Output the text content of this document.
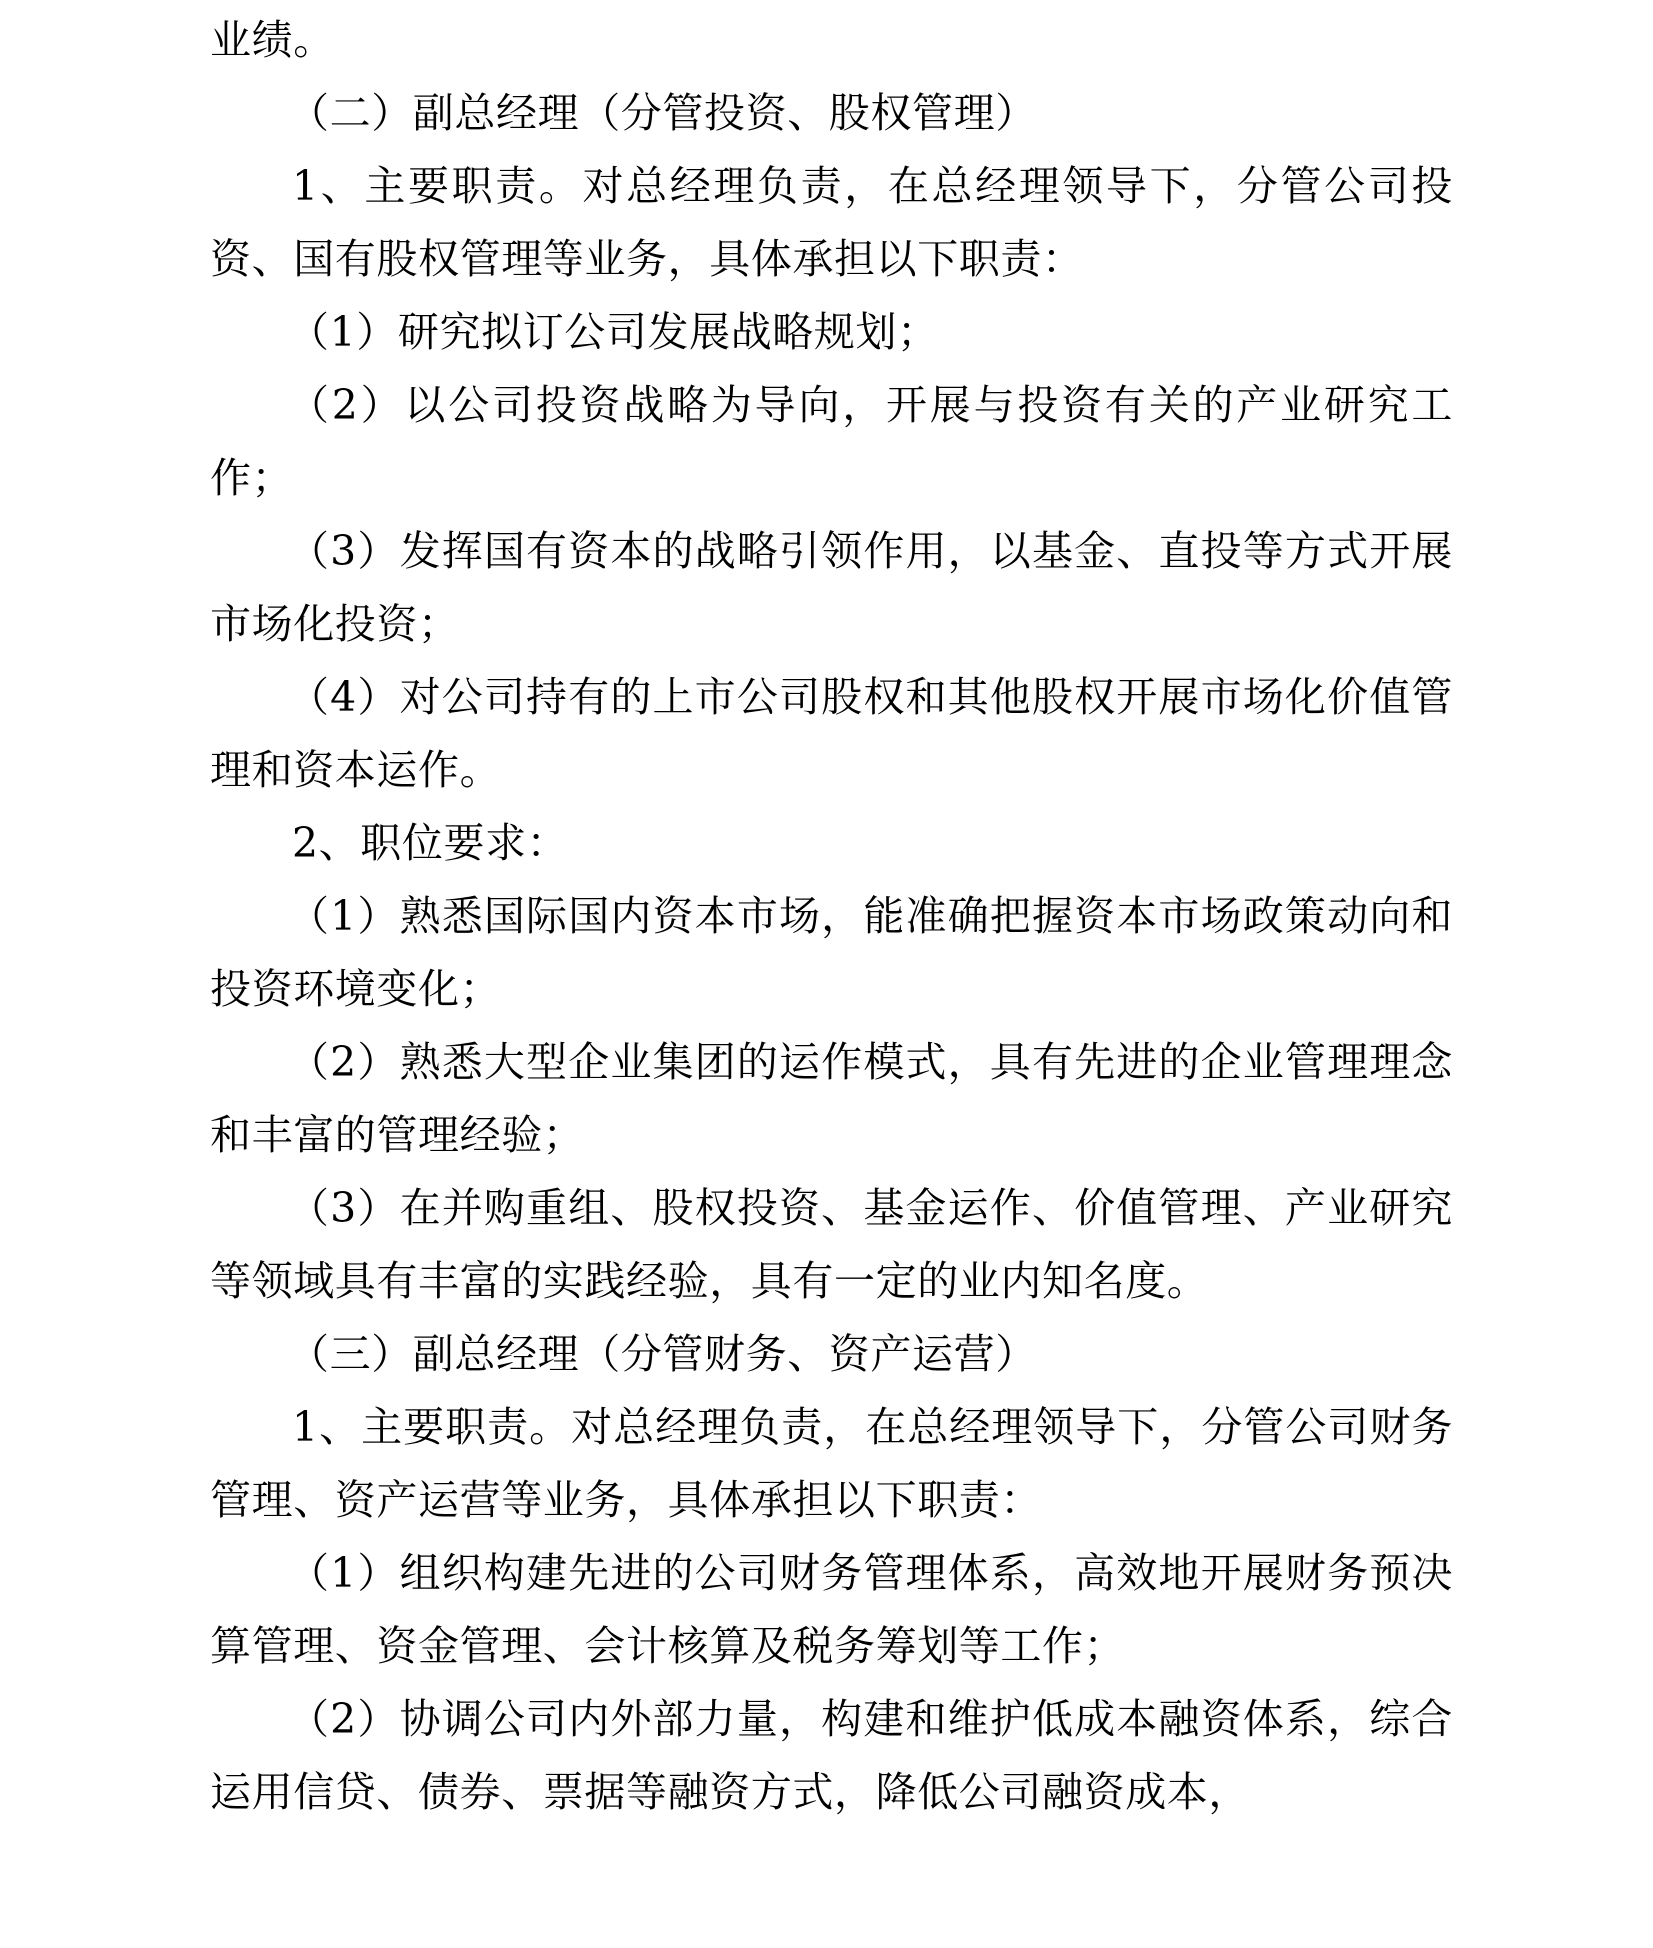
业绩。

（二）副总经理（分管投资、股权管理）

1、主要职责。对总经理负责，在总经理领导下，分管公司投资、国有股权管理等业务，具体承担以下职责：

（1）研究拟订公司发展战略规划；

（2）以公司投资战略为导向，开展与投资有关的产业研究工作；

（3）发挥国有资本的战略引领作用，以基金、直投等方式开展市场化投资；

（4）对公司持有的上市公司股权和其他股权开展市场化价值管理和资本运作。

2、职位要求：

（1）熟悉国际国内资本市场，能准确把握资本市场政策动向和投资环境变化；

（2）熟悉大型企业集团的运作模式，具有先进的企业管理理念和丰富的管理经验；

（3）在并购重组、股权投资、基金运作、价值管理、产业研究等领域具有丰富的实践经验，具有一定的业内知名度。

（三）副总经理（分管财务、资产运营）

1、主要职责。对总经理负责，在总经理领导下，分管公司财务管理、资产运营等业务，具体承担以下职责：

（1）组织构建先进的公司财务管理体系，高效地开展财务预决算管理、资金管理、会计核算及税务筹划等工作；

（2）协调公司内外部力量，构建和维护低成本融资体系，综合运用信贷、债券、票据等融资方式，降低公司融资成本，
